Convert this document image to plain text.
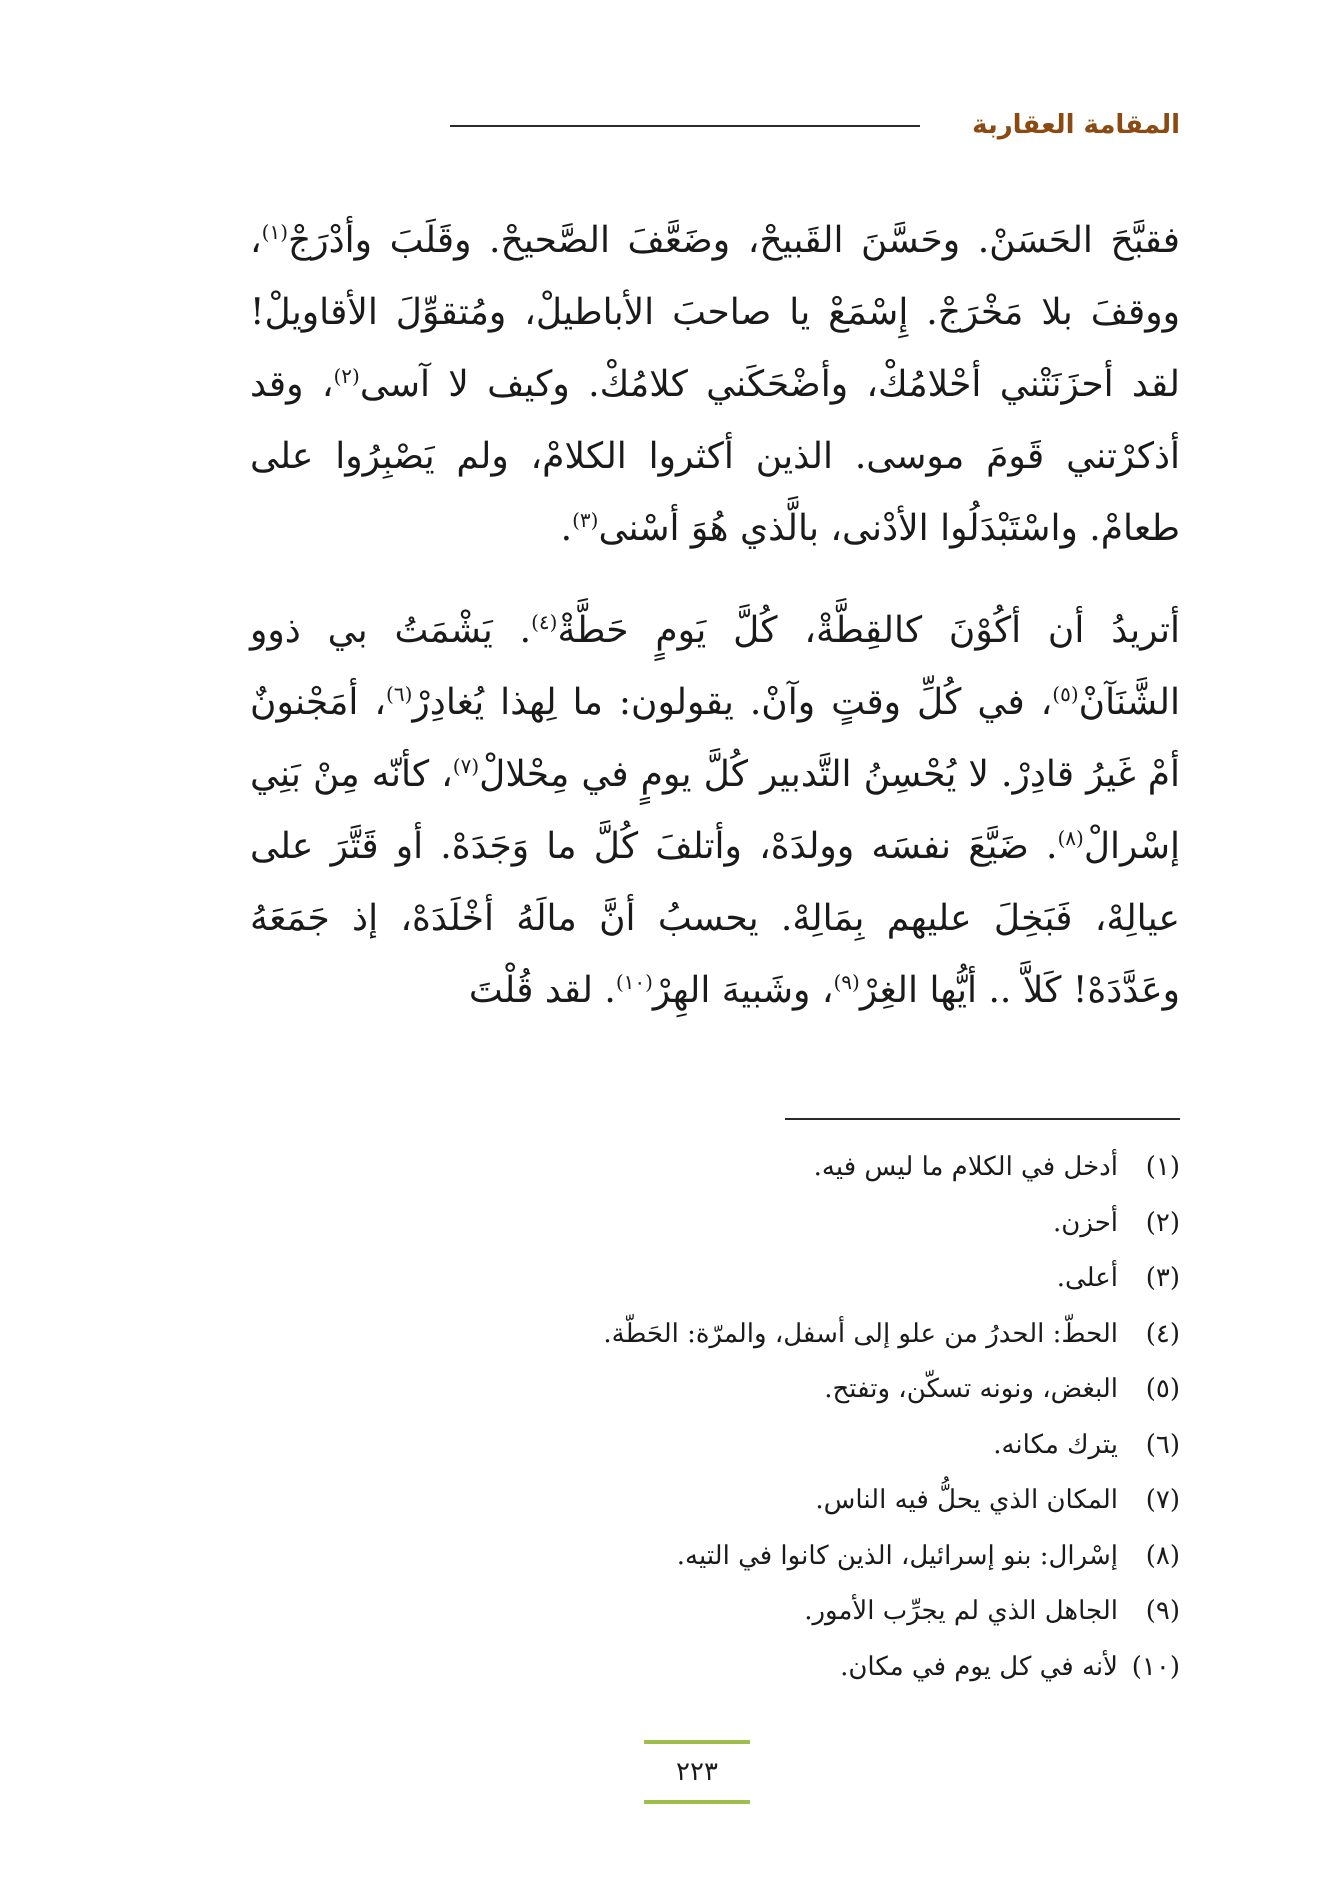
المقامة العقاربة

فقبَّحَ الحَسَنْ. وحَسَّنَ القَبيحْ، وضَعَّفَ الصَّحيحْ. وقَلَبَ وأدْرَجْ$^{(١)}$، ووقفَ بلا مَخْرَجْ. إِسْمَعْ يا صاحبَ الأباطيلْ، ومُتقوِّلَ الأقاويلْ! لقد أحزَنَتْني أحْلامُكْ، وأضْحَكَني كلامُكْ. وكيف لا آسى$^{(٢)}$، وقد أذكرْتني قَومَ موسى. الذين أكثروا الكلامْ، ولم يَصْبِرُوا على طعامْ. واسْتَبْدَلُوا الأدْنى، بالَّذي هُوَ أسْنى$^{(٣)}$.

أتريدُ أن أكُوْنَ كالقِطَّةْ، كُلَّ يَومٍ حَطَّةْ$^{(٤)}$. يَشْمَتُ بي ذوو الشَّنَآنْ$^{(٥)}$، في كُلِّ وقتٍ وآنْ. يقولون: ما لِهذا يُغادِرْ$^{(٦)}$، أمَجْنونٌ أمْ غَيرُ قادِرْ. لا يُحْسِنُ التَّدبير كُلَّ يومٍ في مِحْلالْ$^{(٧)}$، كأنّه مِنْ بَنِي إسْرالْ$^{(٨)}$. ضَيَّعَ نفسَه وولدَهْ، وأتلفَ كُلَّ ما وَجَدَهْ. أو قَتَّرَ على عيالِهْ، فَبَخِلَ عليهم بِمَالِهْ. يحسبُ أنَّ مالَهُ أخْلَدَهْ، إذ جَمَعَهُ وعَدَّدَهْ! كَلاَّ .. أيُّها الغِرْ$^{(٩)}$، وشَبيهَ الهِرْ$^{(١٠)}$. لقد قُلْتَ

(١)أدخل في الكلام ما ليس فيه.
(٢)أحزن.
(٣)أعلى.
(٤)الحطّ: الحدرُ من علو إلى أسفل، والمرّة: الحَطّة.
(٥)البغض، ونونه تسكّن، وتفتح.
(٦)يترك مكانه.
(٧)المكان الذي يحلُّ فيه الناس.
(٨)إسْرال: بنو إسرائيل، الذين كانوا في التيه.
(٩)الجاهل الذي لم يجرِّب الأمور.
(١٠)لأنه في كل يوم في مكان.
٢٢٣
